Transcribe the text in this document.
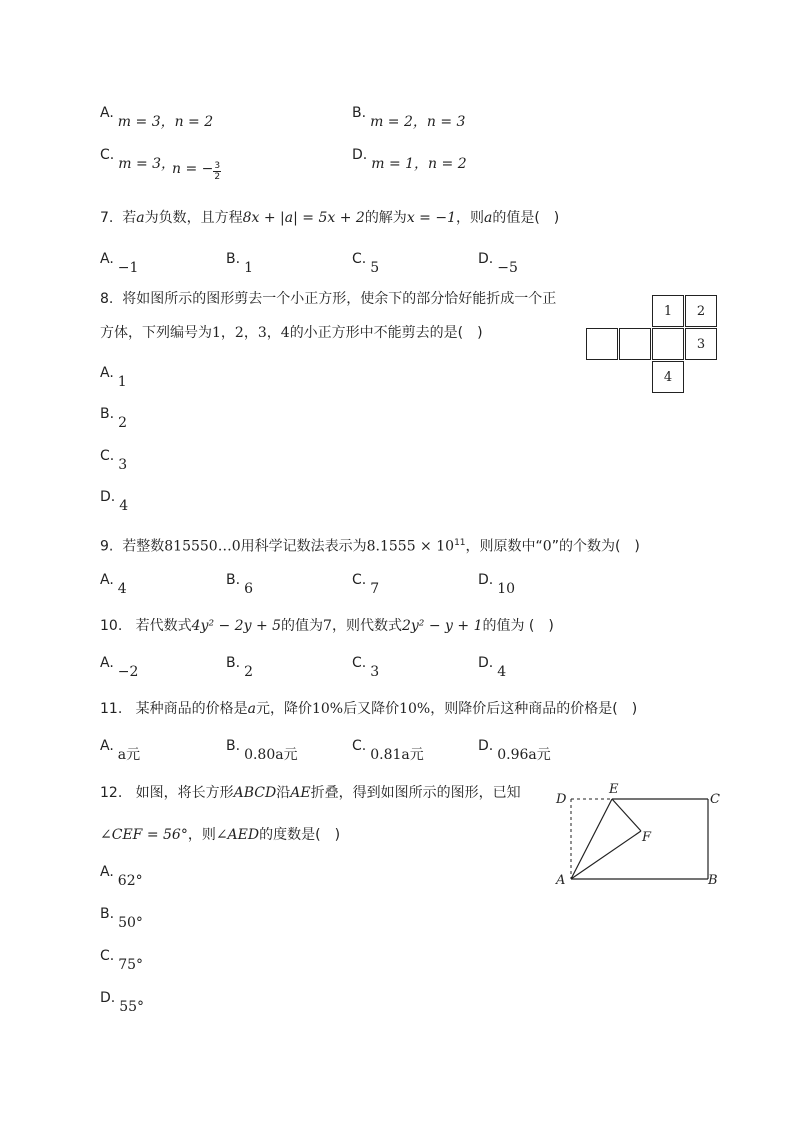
A.m = 3，n = 2
B.m = 2，n = 3
C.m = 3，
n = − $\frac{3}{2}$
D.m = 1，n = 2
7. 若a为负数，且方程8x + |a| = 5x + 2的解为x = −1，则a的值是(　)
A.−1
B.1
C.5
D.−5
8. 将如图所示的图形剪去一个小正方形，使余下的部分恰好能折成一个正
方体，下列编号为1，2，3，4的小正方形中不能剪去的是(　)
1	2
3
4
A.1
B.2
C.3
D.4
9. 若整数815550…0用科学记数法表示为$8.1555 \times 10^{11}$，则原数中“0”的个数为(　)
A.4
B.6
C.7
D.10
10. 若代数式4y² − 2y + 5的值为7，则代数式2y² − y + 1的值为 (　)
A.−2
B.2
C.3
D.4
11. 某种商品的价格是a元，降价10%后又降价10%，则降价后这种商品的价格是(　)
A.a元
B.0.80a元
C.0.81a元
D.0.96a元
12. 如图，将长方形ABCD沿AE折叠，得到如图所示的图形，已知
∠CEF = 56°，则∠AED的度数是(　)
D
E
C
F
A	B
A.62°
B.50°
C.75°
D.55°
